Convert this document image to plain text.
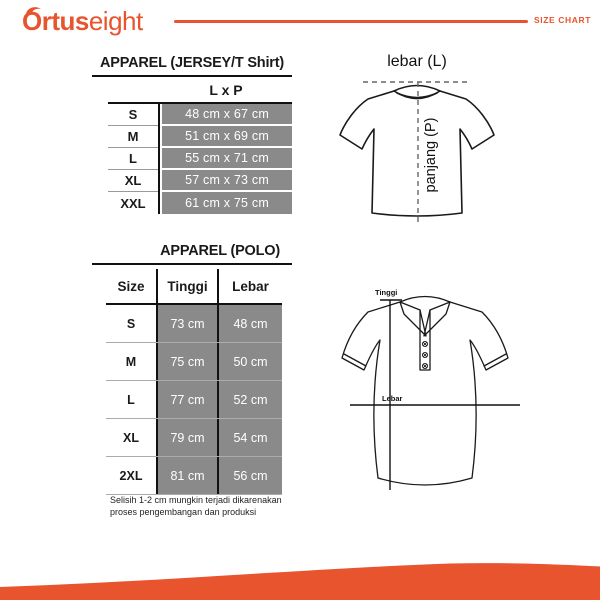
Ortus eight	SIZE CHART
APPAREL (JERSEY/T Shirt)
L x P
S	48 cm x 67 cm
M	51 cm x 69 cm
L	55 cm x 71 cm
XL	57 cm x 73 cm
XXL	61 cm x 75 cm
lebar (L)
panjang (P)
APPAREL (POLO)
Size	Tinggi	Lebar
S	73 cm	48 cm
M	75 cm	50 cm
L	77 cm	52 cm
XL	79 cm	54 cm
2XL	81 cm	56 cm
Tinggi
Lebar
Selisih 1-2 cm mungkin terjadi dikarenakan
proses pengembangan dan produksi
